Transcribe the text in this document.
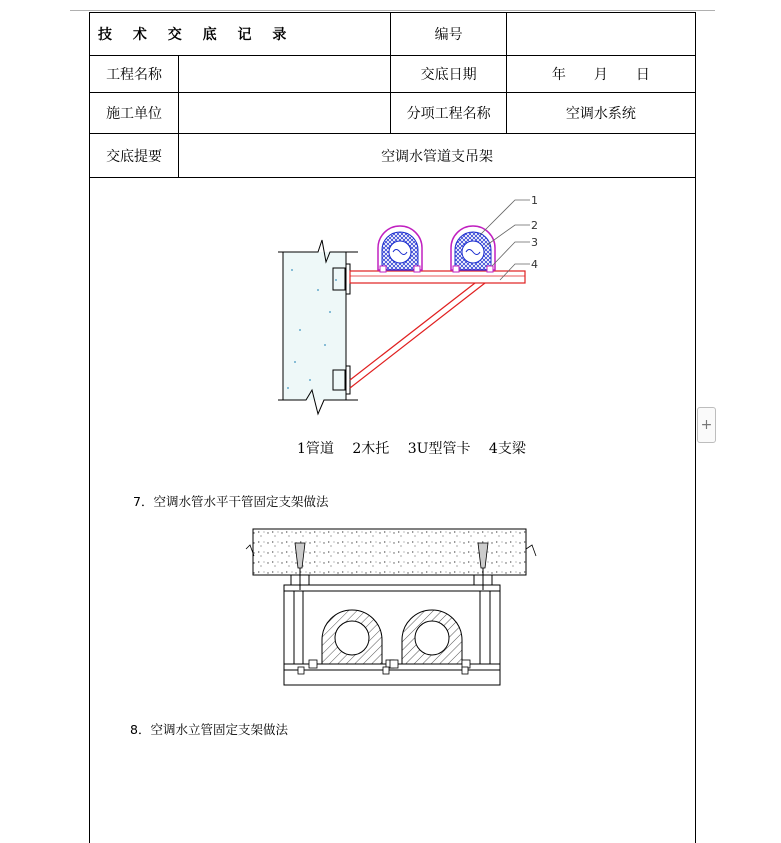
技 术 交 底 记 录		编号	
工程名称		交底日期	年　　月　　日
施工单位		分项工程名称	空调水系统
交底提要	空调水管道支吊架		
1
2
3
4
1管道 2木托 3U型管卡 4支梁
+
7．空调水管水平干管固定支架做法
8．空调水立管固定支架做法
